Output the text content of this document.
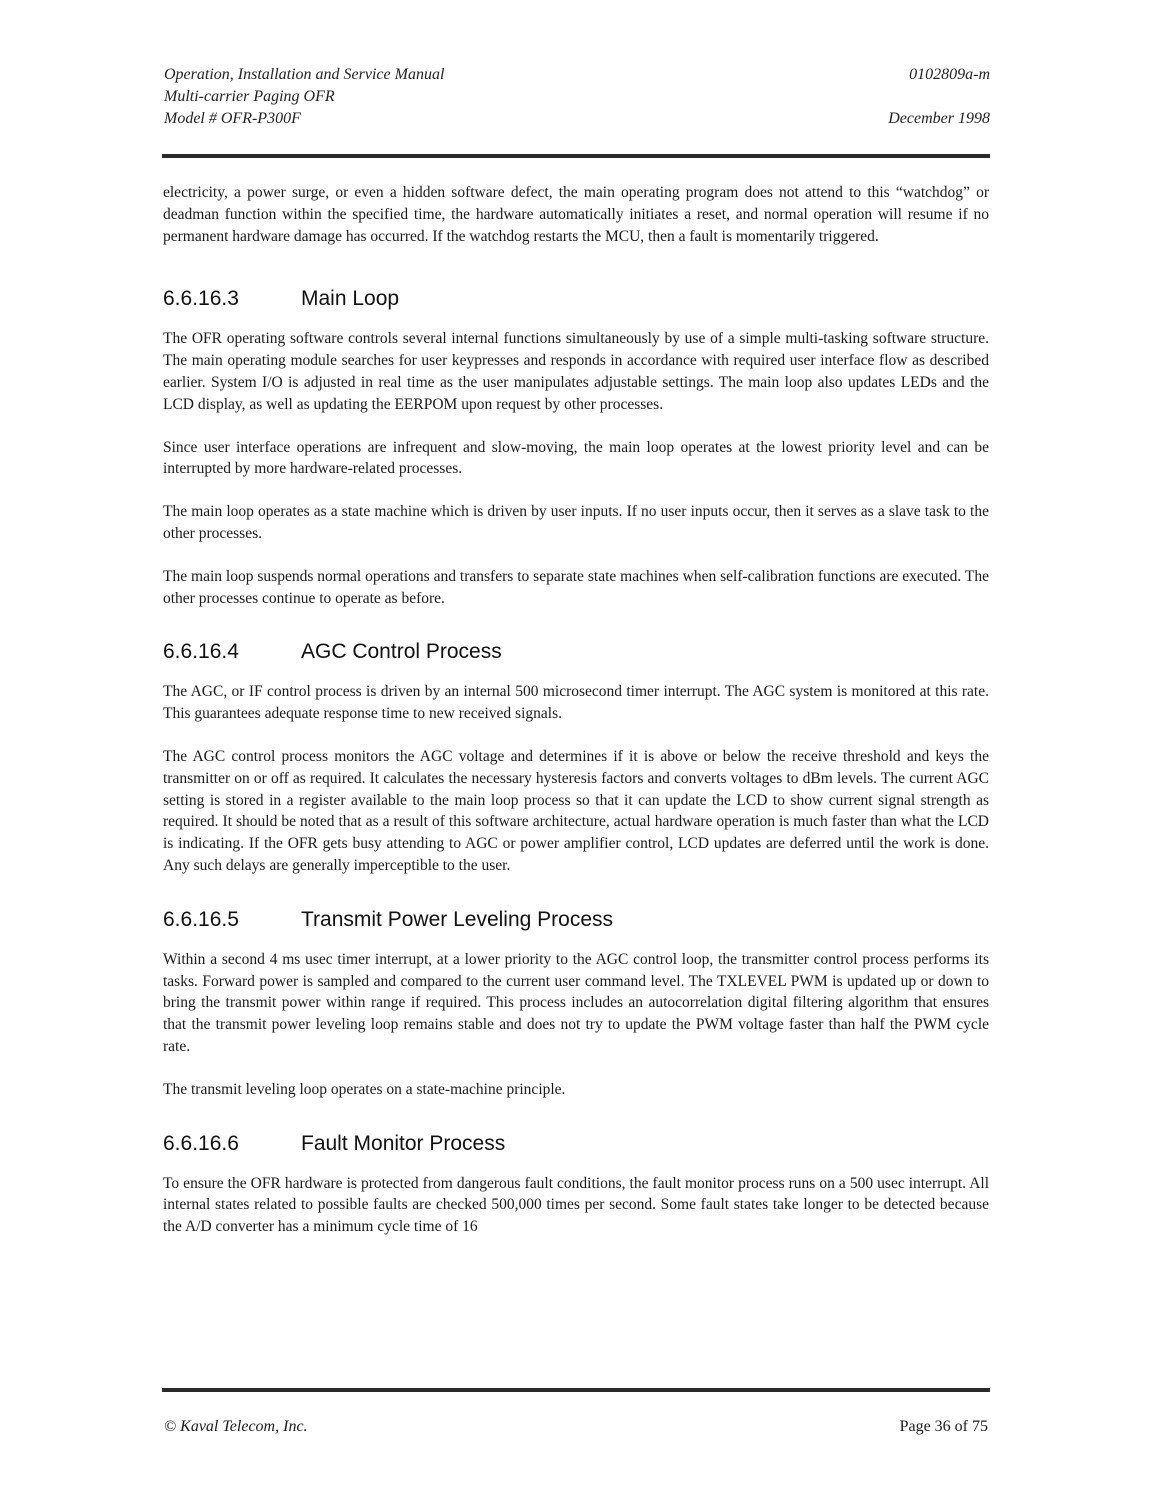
Operation, Installation and Service Manual
Multi-carrier Paging OFR
Model # OFR-P300F
0102809a-m
December 1998

electricity, a power surge, or even a hidden software defect, the main operating program does not attend to this “watchdog” or deadman function within the specified time, the hardware automatically initiates a reset, and normal operation will resume if no permanent hardware damage has occurred. If the watchdog restarts the MCU, then a fault is momentarily triggered.

6.6.16.3	Main Loop

The OFR operating software controls several internal functions simultaneously by use of a simple multi-tasking software structure. The main operating module searches for user keypresses and responds in accordance with required user interface flow as described earlier. System I/O is adjusted in real time as the user manipulates adjustable settings. The main loop also updates LEDs and the LCD display, as well as updating the EERPOM upon request by other processes.

Since user interface operations are infrequent and slow-moving, the main loop operates at the lowest priority level and can be interrupted by more hardware-related processes.

The main loop operates as a state machine which is driven by user inputs. If no user inputs occur, then it serves as a slave task to the other processes.

The main loop suspends normal operations and transfers to separate state machines when self-calibration functions are executed. The other processes continue to operate as before.

6.6.16.4	AGC Control Process

The AGC, or IF control process is driven by an internal 500 microsecond timer interrupt. The AGC system is monitored at this rate. This guarantees adequate response time to new received signals.

The AGC control process monitors the AGC voltage and determines if it is above or below the receive threshold and keys the transmitter on or off as required. It calculates the necessary hysteresis factors and converts voltages to dBm levels. The current AGC setting is stored in a register available to the main loop process so that it can update the LCD to show current signal strength as required. It should be noted that as a result of this software architecture, actual hardware operation is much faster than what the LCD is indicating. If the OFR gets busy attending to AGC or power amplifier control, LCD updates are deferred until the work is done. Any such delays are generally imperceptible to the user.

6.6.16.5	Transmit Power Leveling Process

Within a second 4 ms usec timer interrupt, at a lower priority to the AGC control loop, the transmitter control process performs its tasks. Forward power is sampled and compared to the current user command level. The TXLEVEL PWM is updated up or down to bring the transmit power within range if required. This process includes an autocorrelation digital filtering algorithm that ensures that the transmit power leveling loop remains stable and does not try to update the PWM voltage faster than half the PWM cycle rate.

The transmit leveling loop operates on a state-machine principle.

6.6.16.6	Fault Monitor Process

To ensure the OFR hardware is protected from dangerous fault conditions, the fault monitor process runs on a 500 usec interrupt. All internal states related to possible faults are checked 500,000 times per second. Some fault states take longer to be detected because the A/D converter has a minimum cycle time of 16

© Kaval Telecom, Inc.	Page 36 of 75
